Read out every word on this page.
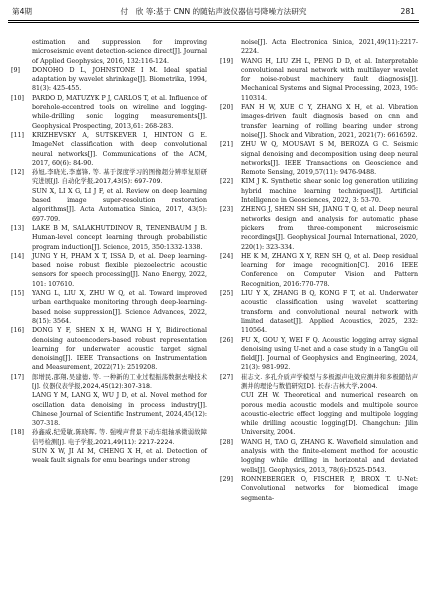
第4期	付　欣 等:基于 CNN 的随钻声波仪器信号降噪方法研究	281
estimation and suppression for improving microseismic event detection-science direct[J]. Journal of Applied Geophysics, 2016, 132:116-124.
[9]	DONOHO D L, JOHNSTONE I M. Ideal spatial adaptation by wavelet shrinkage[J]. Biometrika, 1994, 81(3): 425-455.
[10]	PARDO D, MATUZYK P J, CARLOS T, et al. Influence of borehole-eccentred tools on wireline and logging-while-drilling sonic logging measurements[J]. Geophysical Prospecting, 2013,61: 268-283.
[11]	KRIZHEVSKY A, SUTSKEVER I, HINTON G E. ImageNet classification with deep convolutional neural networks[J]. Communications of the ACM, 2017, 60(6): 84-90.
[12]	孙旭,李晓光,李嘉锋, 等. 基于深度学习的图像超分辨率复原研究进展[J]. 自动化学报,2017,43(5): 697-709.
SUN X, LI X G, LI J F, et al. Review on deep learning based image super-resolution restoration algorithms[J]. Acta Automatica Sinica, 2017, 43(5): 697-709.
[13]	LAKE B M, SALAKHUTDINOV R, TENENBAUM J B. Human-level concept learning through probabilistic program induction[J]. Science, 2015, 350:1332-1338.
[14]	JUNG Y H, PHAM X T, ISSA D, et al. Deep learning-based noise robust flexible piezoelectric acoustic sensors for speech processing[J]. Nano Energy, 2022, 101: 107610.
[15]	YANG L, LIU X, ZHU W Q, et al. Toward improved urban earthquake monitoring through deep-learning-based noise suppression[J]. Science Advances, 2022, 8(15): 3564.
[16]	DONG Y F, SHEN X H, WANG H Y, Bidirectional denoising autoencoders-based robust representation learning for underwater acoustic target signal denoising[J]. IEEE Transactions on Instrumentation and Measurement, 2022(71): 2519208.
[17]	郎增民,邵翔,吴建德, 等. 一种新的工业过程振荡数据去噪技术[J]. 仪器仪表学报,2024,45(12):307-318.
LANG Y M, LANG X, WU J D, et al. Novel method for oscillation data denoising in process industry[J]. Chinese Journal of Scientific Instrument, 2024,45(12): 307-318.
[18]	孙鑫威,纪爱敏,陈晓晖, 等. 强噪声背景下动车组轴承微弱故障信号检测[J]. 电子学报,2021,49(11): 2217-2224.
SUN X W, JI AI M, CHENG X H, et al. Detection of weak fault signals for emu bearings under strong
noise[J]. Acta Electronica Sinica, 2021,49(11):2217-2224.
[19]	WANG H, LIU ZH L, PENG D D, et al. Interpretable convolutional neural network with multilayer wavelet for noise-robust machinery fault diagnosis[J]. Mechanical Systems and Signal Processing, 2023, 195: 110314.
[20]	FAN H W, XUE C Y, ZHANG X H, et al. Vibration images-driven fault diagnosis based on cnn and transfer learning of rolling bearing under strong noise[J]. Shock and Vibration, 2021, 2021(7): 6616592.
[21]	ZHU W Q, MOUSAVI S M, BEROZA G C. Seismic signal denoising and decomposition using deep neural networks[J]. IEEE Transactions on Geoscience and Remote Sensing, 2019,57(11): 9476-9488.
[22]	KIM J K. Synthetic shear sonic log generation utilizing hybrid machine learning techniques[J]. Artificial Intelligence in Geosciences, 2022, 3: 53-70.
[23]	ZHENG J, SHEN SH SH, JIANG T Q, et al. Deep neural networks design and analysis for automatic phase pickers from three-component microseismic recordings[J]. Geophysical Journal International, 2020, 220(1): 323-334.
[24]	HE K M, ZHANG X Y, REN SH Q, et al. Deep residual learning for image recognition[C]. 2016 IEEE Conference on Computer Vision and Pattern Recognition, 2016:770-778.
[25]	LIU Y X, ZHANG B Q, KONG F T, et al. Underwater acoustic classification using wavelet scattering transform and convolutional neural network with limited dataset[J]. Applied Acoustics, 2025, 232: 110564.
[26]	FU X, GOU Y, WEI F Q. Acoustic logging array signal denoising using U-net and a case study in a TangGu oil field[J]. Journal of Geophysics and Engineering, 2024, 21(3): 981-992.
[27]	崔志文. 多孔介质声学模型与多极源声电效应测井和多极随钻声测井的理论与数值研究[D]. 长春:吉林大学,2004.
CUI ZH W. Theoretical and numerical research on porous media acoustic models and multipole source acoustic-electric effect logging and multipole logging while drilling acoustic logging[D]. Changchun: Jilin University, 2004.
[28]	WANG H, TAO G, ZHANG K. Wavefield simulation and analysis with the finite-element method for acoustic logging while drilling in horizontal and deviated wells[J]. Geophysics, 2013, 78(6):D525-D543.
[29]	RONNEBERGER O, FISCHER P, BROX T. U-Net: Convolutional networks for biomedical image segmenta-
